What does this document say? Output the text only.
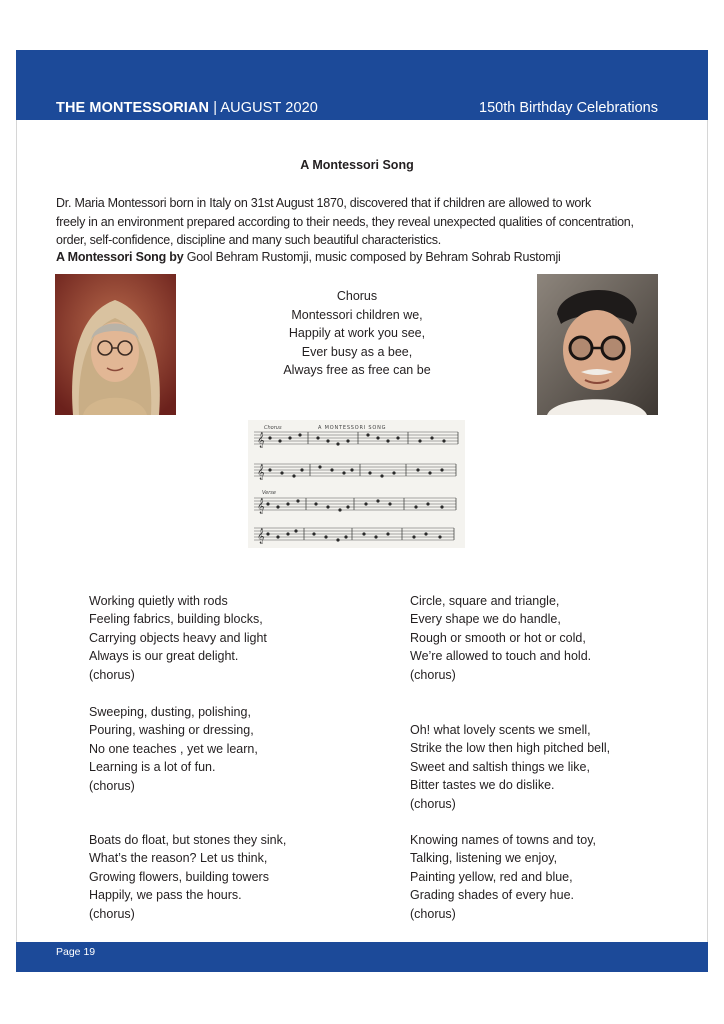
THE MONTESSORIAN | AUGUST 2020	150th Birthday Celebrations
A Montessori Song
Dr. Maria Montessori born in Italy on 31st August 1870, discovered that if children are allowed to work
freely in an environment prepared according to their needs, they reveal unexpected qualities of concentration,
order, self-confidence, discipline and many such beautiful characteristics.
A Montessori Song by Gool Behram Rustomji, music composed by Behram Sohrab Rustomji
Chorus
Montessori children we,
Happily at work you see,
Ever busy as a bee,
Always free as free can be
𝄞
𝄞
𝄞
𝄞
Chorus	A MONTESSORI SONG
Verse
Working quietly with rods
Feeling fabrics, building blocks,
Carrying objects heavy and light
Always is our great delight.
(chorus)
Circle, square and triangle,
Every shape we do handle,
Rough or smooth or hot or cold,
We’re allowed to touch and hold.
(chorus)
Sweeping, dusting, polishing,
Pouring, washing or dressing,
No one teaches , yet we learn,
Learning is a lot of fun.
(chorus)
Oh! what lovely scents we smell,
Strike the low then high pitched bell,
Sweet and saltish things we like,
Bitter tastes we do dislike.
(chorus)
Boats do float, but stones they sink,
What’s the reason? Let us think,
Growing flowers, building towers
Happily, we pass the hours.
(chorus)
Knowing names of towns and toy,
Talking, listening we enjoy,
Painting yellow, red and blue,
Grading shades of every hue.
(chorus)
Page 19
